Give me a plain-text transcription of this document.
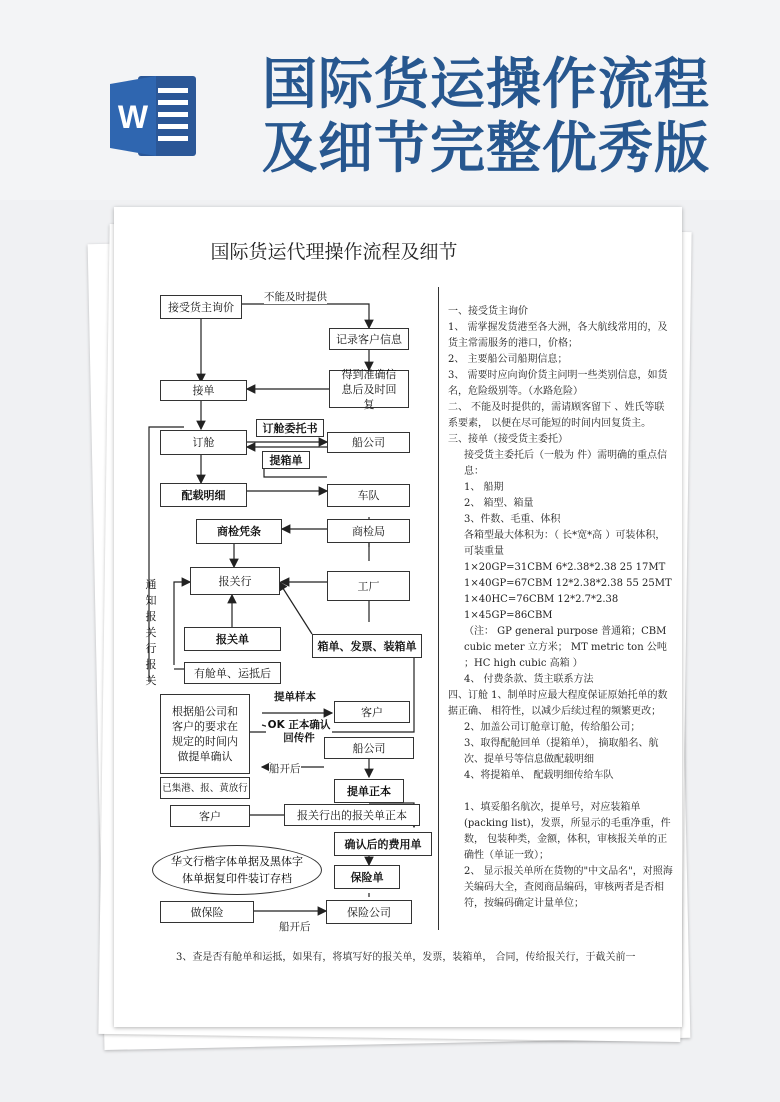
W
国际货运操作流程
及细节完整优秀版
国际货运代理操作流程及细节
接受货主询价
不能及时提供
记录客户信息
得到准确信息后及时回复
接单
订舱
订舱委托书
船公司
提箱单
配载明细	车队
商检凭条	商检局
报关行	工厂
通知报关行报关
报关单
箱单、发票、装箱单
有舱单、运抵后
根据船公司和客户的要求在规定的时间内做提单确认
提单样本
客户
OK 正本确认回传件
船公司
船开后
已集港、报、黄放行	提单正本
客户	报关行出的报关单正本
确认后的费用单
华文行楷字体单据及黑体字体单据复印件装订存档	保险单
做保险
船开后
保险公司

一、接受货主询价

1、 需掌握发货港至各大洲，各大航线常用的，及货主常需服务的港口，价格；

2、 主要船公司船期信息；

3、 需要时应向询价货主问明一些类别信息，如货名，危险级别等。（水路危险）

二、 不能及时提供的，需请顾客留下 、姓氏等联系要素， 以便在尽可能短的时间内回复货主。

三、接单（接受货主委托）

接受货主委托后（一般为 件）需明确的重点信息：

1、 船期

2、 箱型、箱量

3、件数、毛重、体积

各箱型最大体积为：（ 长*宽*高 ）可装体积，可装重量

1×20GP=31CBM 6*2.38*2.38 25 17MT

1×40GP=67CBM 12*2.38*2.38 55 25MT

1×40HC=76CBM 12*2.7*2.38

1×45GP=86CBM

（注： GP general purpose 普通箱；CBM cubic meter 立方米； MT metric ton 公吨 ；HC high cubic 高箱 ）

4、 付费条款、货主联系方法

四、订舱 1、制单时应最大程度保证原始托单的数据正确、 相符性，以减少后续过程的频繁更改；

2、加盖公司订舱章订舱，传给船公司；

3、取得配舱回单（提箱单）， 摘取船名、航次、提单号等信息做配载明细

4、将提箱单、 配载明细传给车队

1、填妥船名航次，提单号，对应装箱单(packing list)，发票，所显示的毛重净重，件数， 包装种类，金额，体积，审核报关单的正确性（单证一致）；

2、 显示报关单所在货物的"中文品名"，对照海关编码大全，查阅商品编码，审核两者是否相符，按编码确定计量单位；

3、查是否有舱单和运抵，如果有，将填写好的报关单，发票，装箱单， 合同，传给报关行，于截关前一
